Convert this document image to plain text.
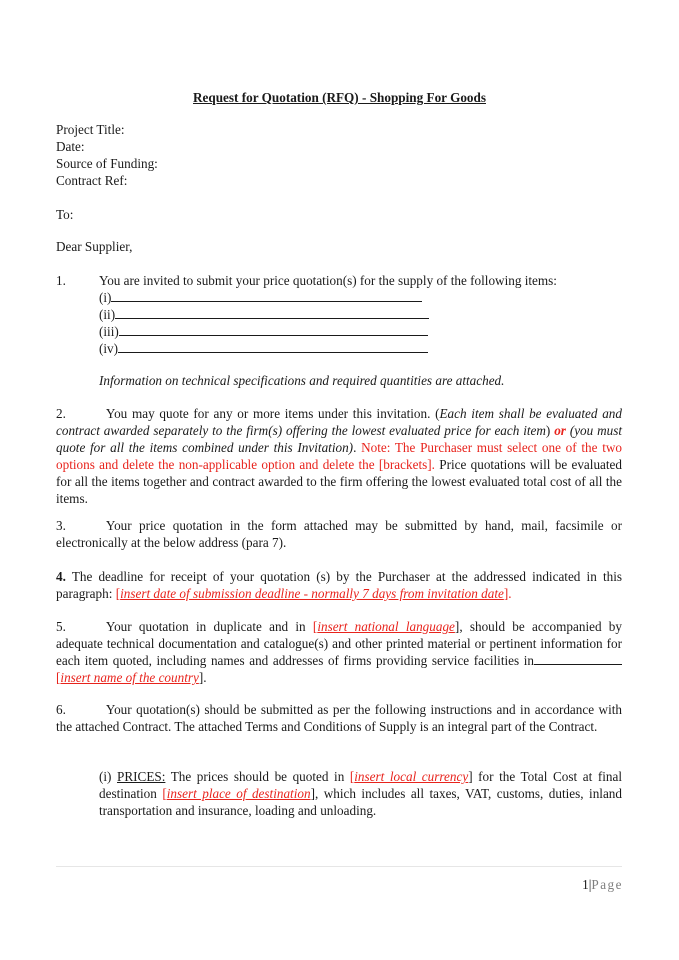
Request for Quotation (RFQ) - Shopping For Goods
Project Title:
Date:
Source of Funding:
Contract Ref:
To:
Dear Supplier,
1.	You are invited to submit your price quotation(s) for the supply of the following items:
(i)
(ii)
(iii)
(iv)
Information on technical specifications and required quantities are attached.
2.	You may quote for any or more items under this invitation. (Each item shall be evaluated and contract awarded separately to the firm(s) offering the lowest evaluated price for each item) or (you must quote for all the items combined under this Invitation). Note: The Purchaser must select one of the two options and delete the non-applicable option and delete the [brackets]. Price quotations will be evaluated for all the items together and contract awarded to the firm offering the lowest evaluated total cost of all the items.
3.	Your price quotation in the form attached may be submitted by hand, mail, facsimile or electronically at the below address (para 7).
4. The deadline for receipt of your quotation (s) by the Purchaser at the addressed indicated in this paragraph: [insert date of submission deadline - normally 7 days from invitation date].
5.	Your quotation in duplicate and in [insert national language], should be accompanied by adequate technical documentation and catalogue(s) and other printed material or pertinent information for each item quoted, including names and addresses of firms providing service facilities in[insert name of the country].
6.	Your quotation(s) should be submitted as per the following instructions and in accordance with the attached Contract. The attached Terms and Conditions of Supply is an integral part of the Contract.
(i) PRICES: The prices should be quoted in [insert local currency] for the Total Cost at final destination [insert place of destination], which includes all taxes, VAT, customs, duties, inland transportation and insurance, loading and unloading.
1|Page
